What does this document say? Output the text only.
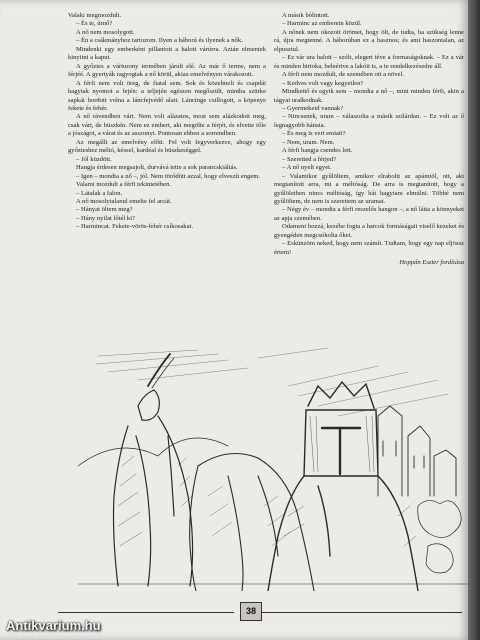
Valaki megmozdult.

– És te, úrnő?

A nő nem mosolygott.

– Én a csákmányhoz tartozom. Ilyen a háború és ilyenek a nők.

Mindenki egy emberként pillantott a halott várúrra. Aztán elmentek kinyitni a kaput.

A győztes a várturony termében járult elé. Az már ő terme, nem a férjéé. A gyertyák ragyogtak a nő körül, akiaz emelvényen várakozott.

A férfi nem volt öreg, de fiatal sem. Sok és közelmeli és csapdái hagytak nyomot a fején: a teljején egészen megőszült, mintha szürke sapkát hordott volna a láncfejvédő alatt. Láncinge csillogott, a köpenye fekete és fehér.

A nő rávendben várt. Nem volt alázatos, most sem alázkodott meg, csak várt, de büszkén. Nem ez embert, aki megölte a férjét, és elvette tőle a jószágot, a várat és az asszonyt. Pontosan ebben a sorrendben.

Az megállt az emelvény előtt. Fel volt fegyverkezve, ahogy egy győzteshez méltó, késsel, kardéal és büszkeséggel.

– Jól küzdött.

Hangja érdesen megsajolt, durvává tette a sok parancskiáltás.

– Igen – mondta a nő –, jól. Nem törődött azzal, hogy elveszít engem.

Valami mozdult a férfi tekintetében.

– Látalak a falon.

A nő mosolytalanul emelte fel arcát.

– Hányat öltem meg?

– Hány nyilat lőtél ki?

– Harmincat. Fekete-vörös-fehér csíkosakat.

A másik bólintott.

– Harminc az emberein közül.

A nőnek nem okozott örömet, hogy ölt, de tudta, ha szükség lenne rá, újra megtenné. A háborúban ez a hasznos; és ami haszontalan, az elpusztul.

– Ez vár ura halott – szólt, elegert téve a formaságoknak. – Ez a vár és minden birtoka, beleértve a lakóit is, a te rendelkezésedre áll.

A férfi nem mozdult, de szemében ott a növel.

– Kedves volt vagy kegyetlen?

Mindkettő és egyik sem – mondta a nő –, mint minden férfi, akin a tágyai uralkodnak.

– Gyermekeid vannak?

– Nincsenek, uram – válaszolta a másik szilárdan. – Ez volt az ő legnagyobb hánata.

– És meg is vert emiatt?

– Nem, uram. Nem.

A férfi hangja csendes lett.

– Szeretted a férjed?

– A nő nyelt egyet.

– Valamikor gyűlöltem, amikor elraboltt az apámtól, ott, aki megtanított arra, mi a méltóság. De arra is megtanított, hogy a gyűlöletben nincs méltóság, így hát hagytam elmúlni. Többé nem gyűlöltem, de nem is szerettem az uramat.

– Négy év – mondta a férfi reszelős hangon –, a nő látta a könnyeket az apja szemében.

Odament hozzá, kezébe fogta a harcok formáságait viselő kezeket és gyengéden megcsókolta őket.

– Eskünzöm neked, hogy nem számít. Tudtam, hogy egy nap eljössz értem!

Hoppán Eszter fordítása

38
Antikvarium.hu
